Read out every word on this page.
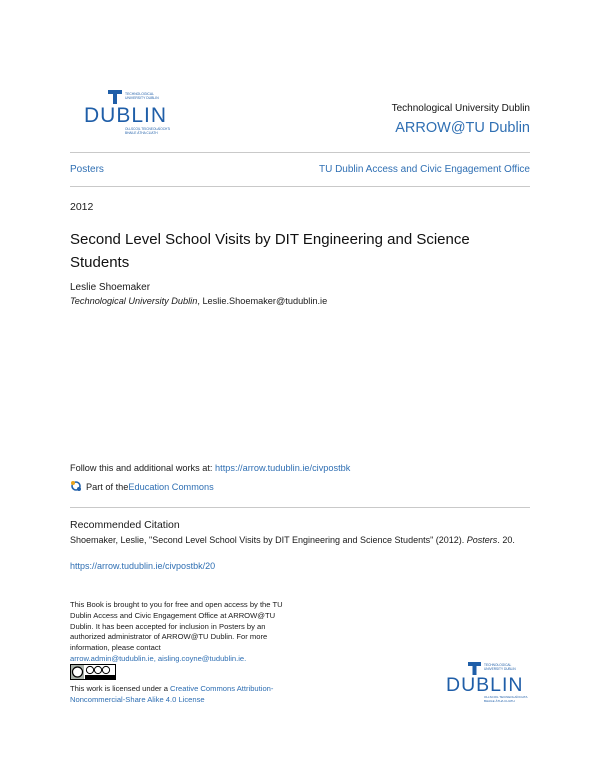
TECHNOLOGICAL
UNIVERSITY DUBLIN
DUBLIN
OLLSCOIL TEICNEOLAÍOCHTA
BHAILE ÁTHA CLIATH
Technological University Dublin
ARROW@TU Dublin
Posters	TU Dublin Access and Civic Engagement Office
2012
Second Level School Visits by DIT Engineering and Science Students
Leslie Shoemaker
Technological University Dublin, Leslie.Shoemaker@tudublin.ie
Follow this and additional works at: https://arrow.tudublin.ie/civpostbk
Part of the Education Commons
Recommended Citation
Shoemaker, Leslie, "Second Level School Visits by DIT Engineering and Science Students" (2012). Posters. 20.
https://arrow.tudublin.ie/civpostbk/20
This Book is brought to you for free and open access by the TU Dublin Access and Civic Engagement Office at ARROW@TU Dublin. It has been accepted for inclusion in Posters by an authorized administrator of ARROW@TU Dublin. For more information, please contact
arrow.admin@tudublin.ie, aisling.coyne@tudublin.ie.
This work is licensed under a Creative Commons Attribution-Noncommercial-Share Alike 4.0 License
TECHNOLOGICAL
UNIVERSITY DUBLIN
DUBLIN
OLLSCOIL TEICNEOLAÍOCHTA
BHAILE ÁTHA CLIATH
